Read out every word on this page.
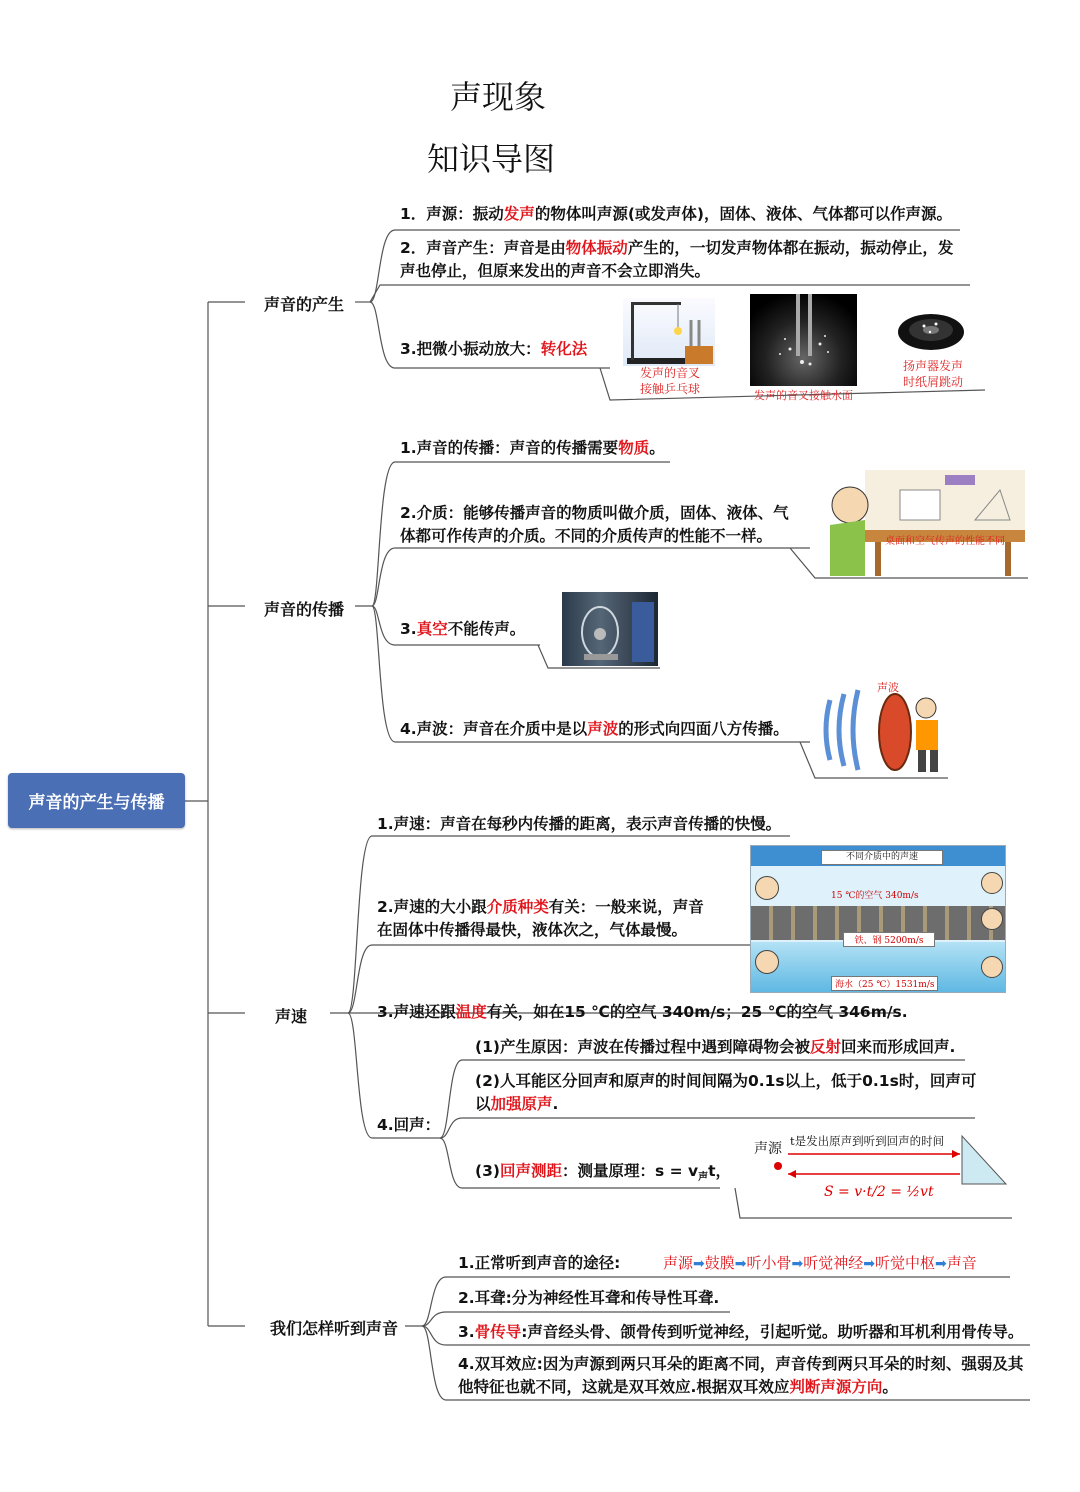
声现象
知识导图
声音的产生与传播
声音的产生
1．声源：振动发声的物体叫声源(或发声体)，固体、液体、气体都可以作声源。
2．声音产生：声音是由物体振动产生的，一切发声物体都在振动，振动停止，发
声也停止，但原来发出的声音不会立即消失。
3.把微小振动放大：转化法
发声的音叉
接触乒乓球	发声的音叉接触水面
扬声器发声
时纸屑跳动
声音的传播
1.声音的传播：声音的传播需要物质。
2.介质：能够传播声音的物质叫做介质，固体、液体、气
体都可作传声的介质。不同的介质传声的性能不一样。
3.真空不能传声。
4.声波：声音在介质中是以声波的形式向四面八方传播。
桌面和空气传声的性能不同
声波
声速
1.声速：声音在每秒内传播的距离，表示声音传播的快慢。
2.声速的大小跟介质种类有关：一般来说，声音
在固体中传播得最快，液体次之，气体最慢。
3.声速还跟温度有关，如在15 ℃的空气 340m/s；25 ℃的空气 346m/s.
4.回声：
(1)产生原因：声波在传播过程中遇到障碍物会被反射回来而形成回声.
(2)人耳能区分回声和原声的时间间隔为0.1s以上，低于0.1s时，回声可
以加强原声.
(3)回声测距：测量原理：$s = v_声t$，
不同介质中的声速
15 ℃的空气 340m/s
铁、钢 5200m/s
海水（25 ℃）1531m/s
声源 t是发出原声到听到回声的时间
S = v·t/2 = ½vt
我们怎样听到声音
1.正常听到声音的途径:	声源➡鼓膜➡听小骨➡听觉神经➡听觉中枢➡声音
2.耳聋:分为神经性耳聋和传导性耳聋.
3.骨传导:声音经头骨、颌骨传到听觉神经，引起听觉。助听器和耳机利用骨传导。
4.双耳效应:因为声源到两只耳朵的距离不同，声音传到两只耳朵的时刻、强弱及其
他特征也就不同，这就是双耳效应.根据双耳效应判断声源方向。
